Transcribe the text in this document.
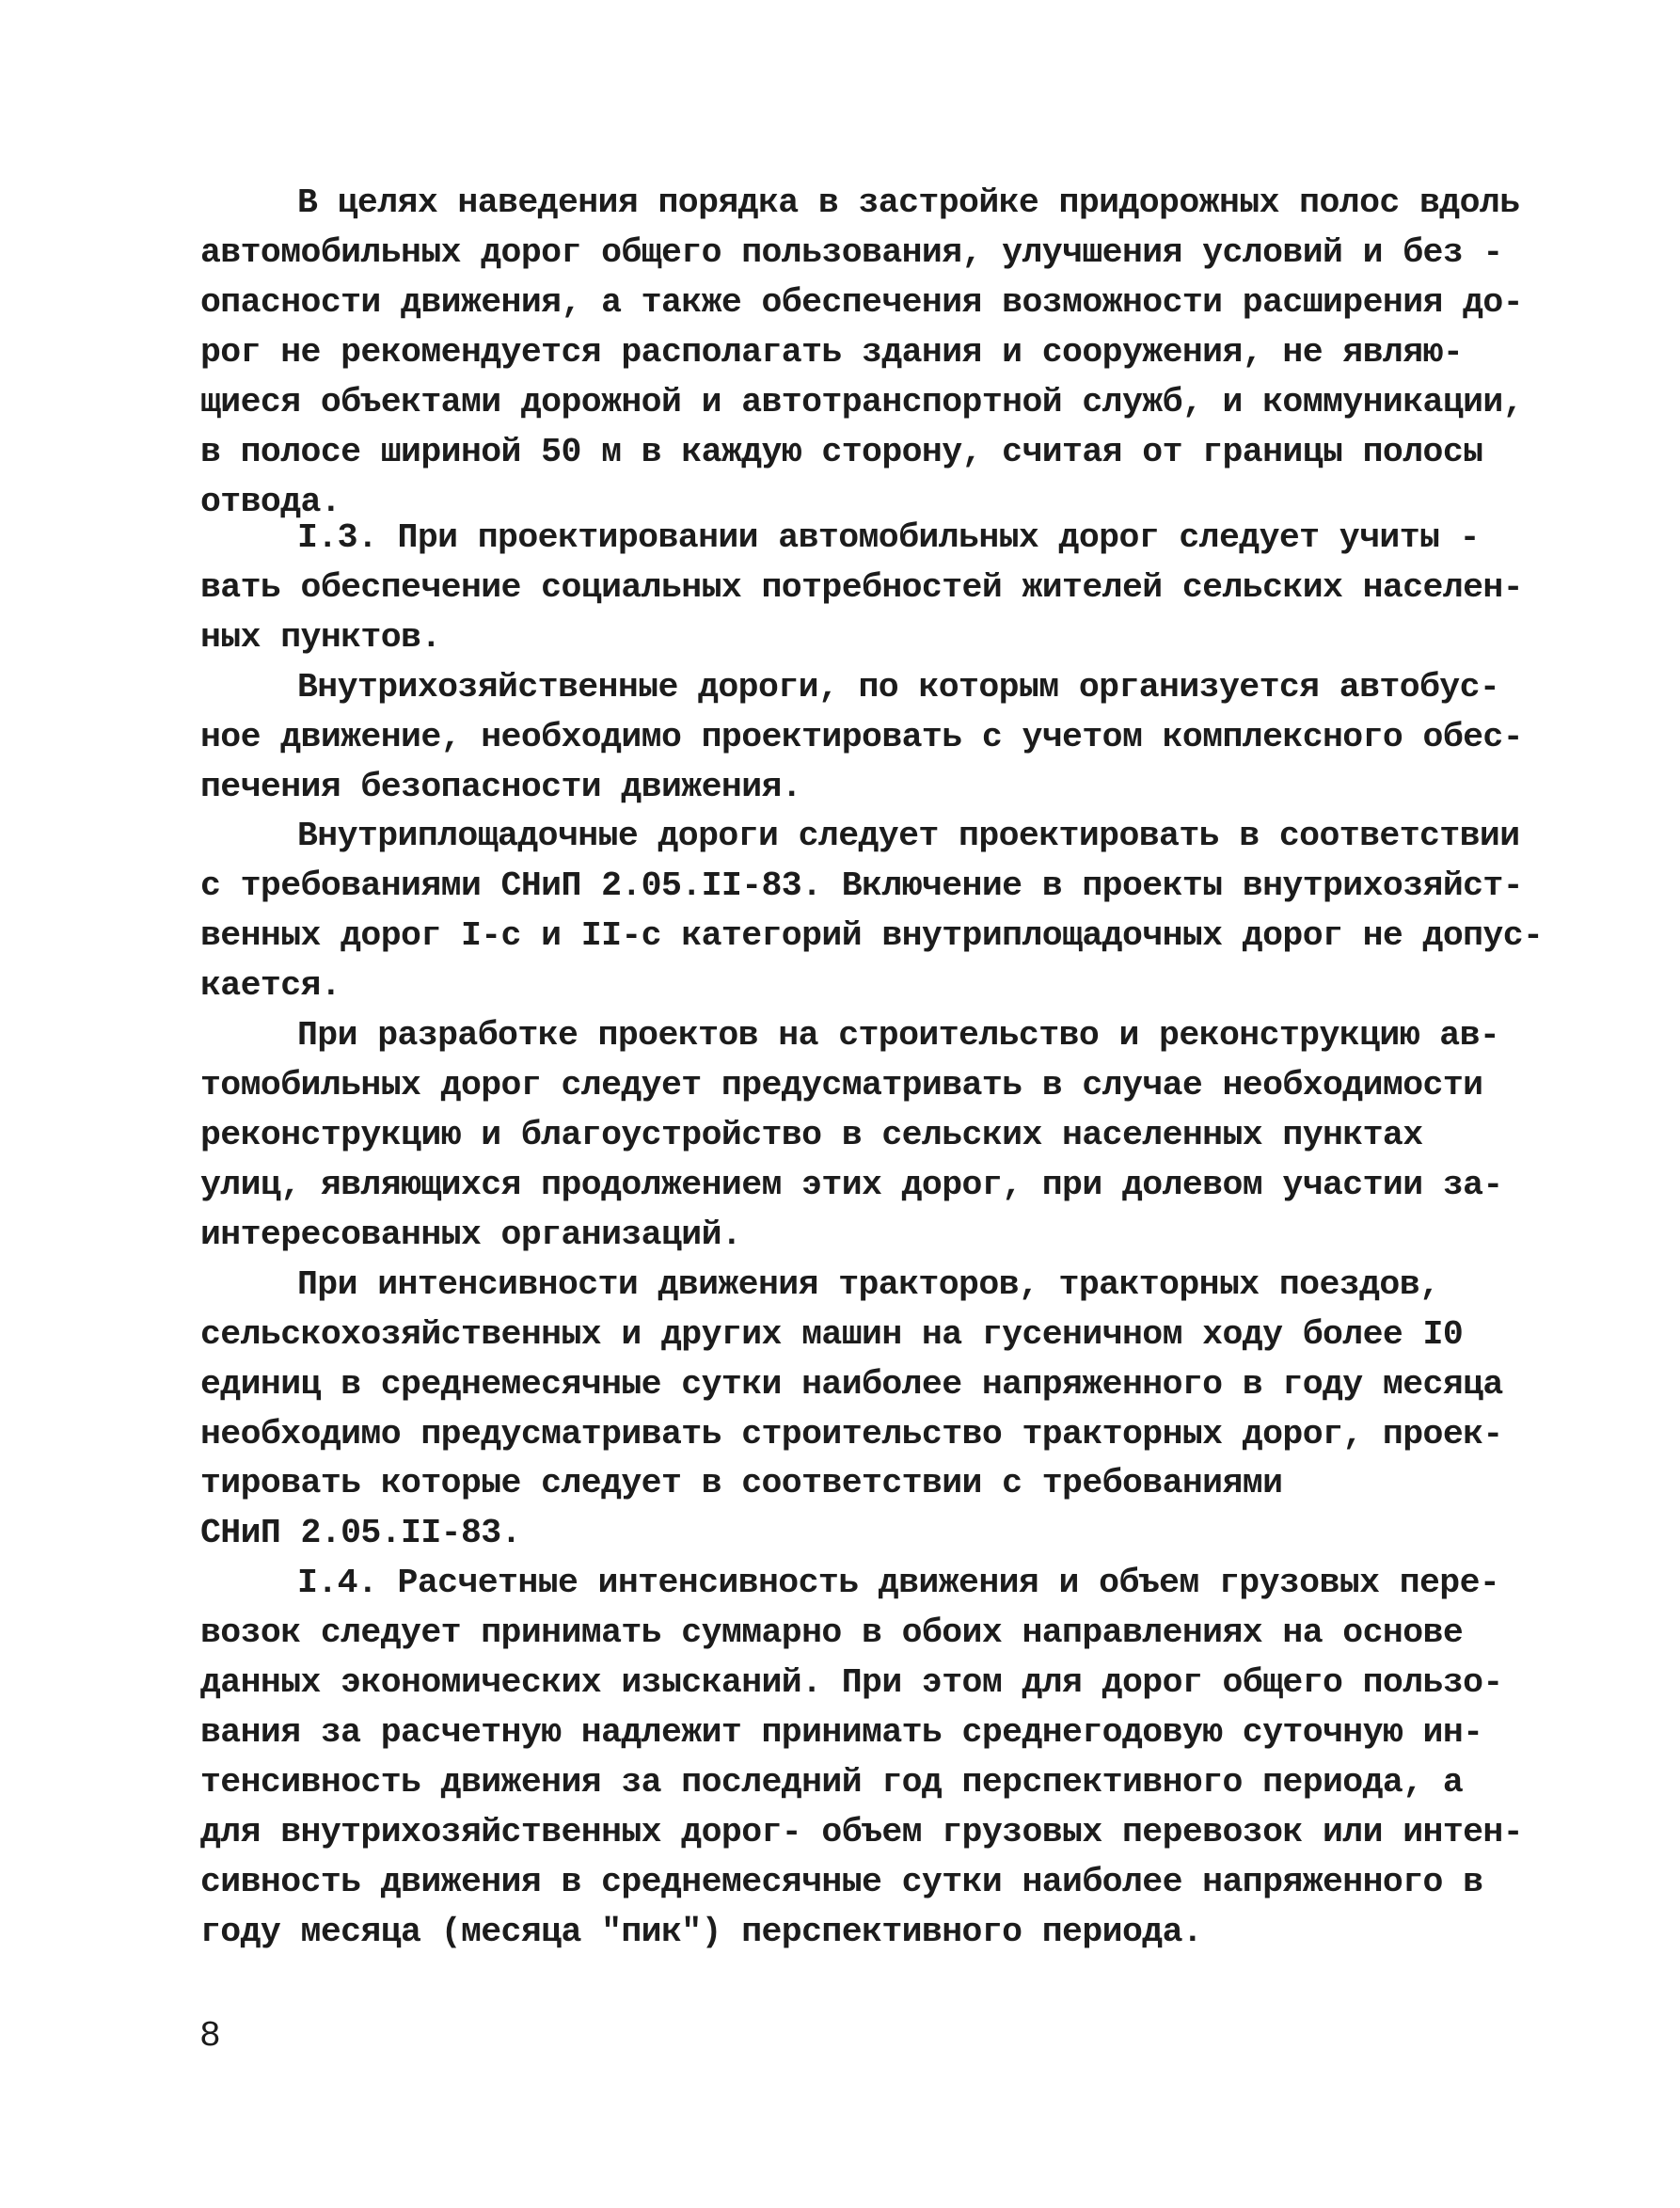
В целях наведения порядка в застройке придорожных полос вдоль
автомобильных дорог общего пользования, улучшения условий и без -
опасности движения, а также обеспечения возможности расширения до-
рог не рекомендуется располагать здания и сооружения, не являю-
щиеся объектами дорожной и автотранспортной служб, и коммуникации,
в полосе шириной 50 м в каждую сторону, считая от границы полосы
отвода.
I.3. При проектировании автомобильных дорог следует учиты -
вать обеспечение социальных потребностей жителей сельских населен-
ных пунктов.
Внутрихозяйственные дороги, по которым организуется автобус-
ное движение, необходимо проектировать с учетом комплексного обес-
печения безопасности движения.
Внутриплощадочные дороги следует проектировать в соответствии
с требованиями СНиП 2.05.II-83. Включение в проекты внутрихозяйст-
венных дорог I-с и II-с категорий внутриплощадочных дорог не допус-
кается.
При разработке проектов на строительство и реконструкцию ав-
томобильных дорог следует предусматривать в случае необходимости
реконструкцию и благоустройство в сельских населенных пунктах
улиц, являющихся продолжением этих дорог, при долевом участии за-
интересованных организаций.
При интенсивности движения тракторов, тракторных поездов,
сельскохозяйственных и других машин на гусеничном ходу более I0
единиц в среднемесячные сутки наиболее напряженного в году месяца
необходимо предусматривать строительство тракторных дорог, проек-
тировать которые следует в соответствии с требованиями
СНиП 2.05.II-83.
I.4. Расчетные интенсивность движения и объем грузовых пере-
возок следует принимать суммарно в обоих направлениях на основе
данных экономических изысканий. При этом для дорог общего пользо-
вания за расчетную надлежит принимать среднегодовую суточную ин-
тенсивность движения за последний год перспективного периода, а
для внутрихозяйственных дорог- объем грузовых перевозок или интен-
сивность движения в среднемесячные сутки наиболее напряженного в
году месяца (месяца "пик") перспективного периода.
8
